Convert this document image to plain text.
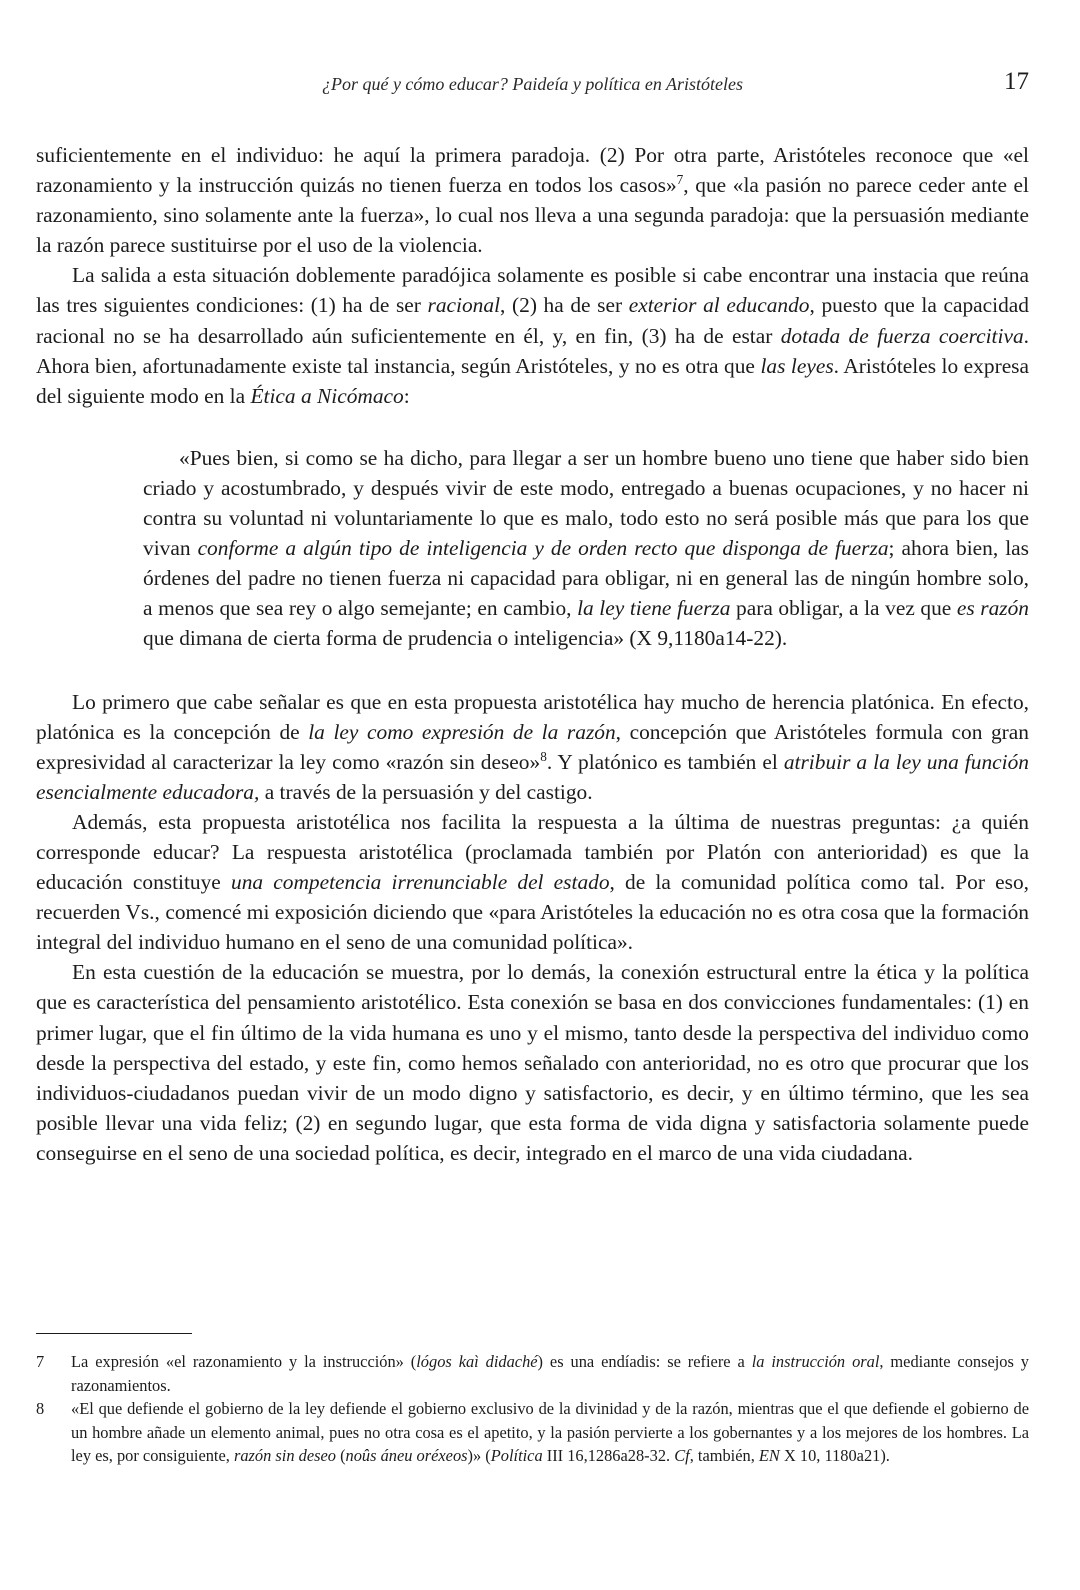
¿Por qué y cómo educar? Paideía y política en Aristóteles	17

suficientemente en el individuo: he aquí la primera paradoja. (2) Por otra parte, Aristóteles reconoce que «el razonamiento y la instrucción quizás no tienen fuerza en todos los casos»$^7$, que «la pasión no parece ceder ante el razonamiento, sino solamente ante la fuerza», lo cual nos lleva a una segunda paradoja: que la persuasión mediante la razón parece sustituirse por el uso de la violencia.

La salida a esta situación doblemente paradójica solamente es posible si cabe encontrar una instacia que reúna las tres siguientes condiciones: (1) ha de ser racional, (2) ha de ser exterior al educando, puesto que la capacidad racional no se ha desarrollado aún suficientemente en él, y, en fin, (3) ha de estar dotada de fuerza coercitiva. Ahora bien, afortunadamente existe tal instancia, según Aristóteles, y no es otra que las leyes. Aristóteles lo expresa del siguiente modo en la Ética a Nicómaco:

«Pues bien, si como se ha dicho, para llegar a ser un hombre bueno uno tiene que haber sido bien criado y acostumbrado, y después vivir de este modo, entregado a buenas ocupaciones, y no hacer ni contra su voluntad ni voluntariamente lo que es malo, todo esto no será posible más que para los que vivan conforme a algún tipo de inteligencia y de orden recto que disponga de fuerza; ahora bien, las órdenes del padre no tienen fuerza ni capacidad para obligar, ni en general las de ningún hombre solo, a menos que sea rey o algo semejante; en cambio, la ley tiene fuerza para obligar, a la vez que es razón que dimana de cierta forma de prudencia o inteligencia» (X 9,1180a14-22).

Lo primero que cabe señalar es que en esta propuesta aristotélica hay mucho de herencia platónica. En efecto, platónica es la concepción de la ley como expresión de la razón, concepción que Aristóteles formula con gran expresividad al caracterizar la ley como «razón sin deseo»$^8$. Y platónico es también el atribuir a la ley una función esencialmente educadora, a través de la persuasión y del castigo.

Además, esta propuesta aristotélica nos facilita la respuesta a la última de nuestras preguntas: ¿a quién corresponde educar? La respuesta aristotélica (proclamada también por Platón con anterioridad) es que la educación constituye una competencia irrenunciable del estado, de la comunidad política como tal. Por eso, recuerden Vs., comencé mi exposición diciendo que «para Aristóteles la educación no es otra cosa que la formación integral del individuo humano en el seno de una comunidad política».

En esta cuestión de la educación se muestra, por lo demás, la conexión estructural entre la ética y la política que es característica del pensamiento aristotélico. Esta conexión se basa en dos convicciones fundamentales: (1) en primer lugar, que el fin último de la vida humana es uno y el mismo, tanto desde la perspectiva del individuo como desde la perspectiva del estado, y este fin, como hemos señalado con anterioridad, no es otro que procurar que los individuos-ciudadanos puedan vivir de un modo digno y satisfactorio, es decir, y en último término, que les sea posible llevar una vida feliz; (2) en segundo lugar, que esta forma de vida digna y satisfactoria solamente puede conseguirse en el seno de una sociedad política, es decir, integrado en el marco de una vida ciudadana.

7 La expresión «el razonamiento y la instrucción» (lógos kaì didaché) es una endíadis: se refiere a la instrucción oral, mediante consejos y razonamientos.
8 «El que defiende el gobierno de la ley defiende el gobierno exclusivo de la divinidad y de la razón, mientras que el que defiende el gobierno de un hombre añade un elemento animal, pues no otra cosa es el apetito, y la pasión pervierte a los gobernantes y a los mejores de los hombres. La ley es, por consiguiente, razón sin deseo (noûs áneu oréxeos)» (Política III 16,1286a28-32. Cf, también, EN X 10, 1180a21).
